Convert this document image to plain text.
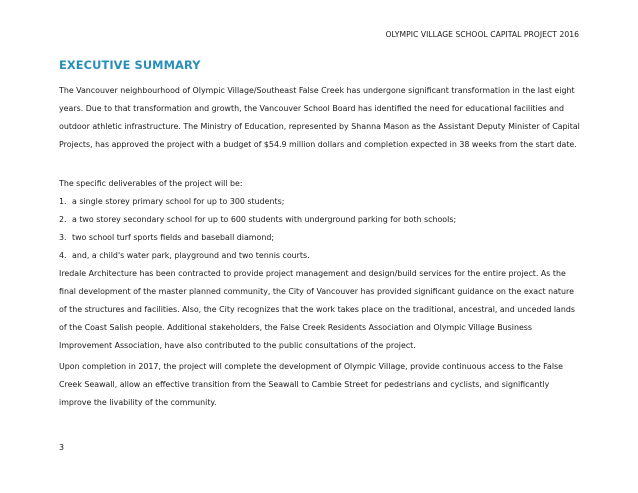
OLYMPIC VILLAGE SCHOOL CAPITAL PROJECT 2016
EXECUTIVE SUMMARY

The Vancouver neighbourhood of Olympic Village/Southeast False Creek has undergone significant transformation in the last eight years. Due to that transformation and growth, the Vancouver School Board has identified the need for educational facilities and outdoor athletic infrastructure. The Ministry of Education, represented by Shanna Mason as the Assistant Deputy Minister of Capital Projects, has approved the project with a budget of $54.9 million dollars and completion expected in 38 weeks from the start date.

The specific deliverables of the project will be:

1. a single storey primary school for up to 300 students;
2. a two storey secondary school for up to 600 students with underground parking for both schools;
3. two school turf sports fields and baseball diamond;
4. and, a child's water park, playground and two tennis courts.

Iredale Architecture has been contracted to provide project management and design/build services for the entire project. As the final development of the master planned community, the City of Vancouver has provided significant guidance on the exact nature of the structures and facilities. Also, the City recognizes that the work takes place on the traditional, ancestral, and unceded lands of the Coast Salish people. Additional stakeholders, the False Creek Residents Association and Olympic Village Business Improvement Association, have also contributed to the public consultations of the project.

Upon completion in 2017, the project will complete the development of Olympic Village, provide continuous access to the False Creek Seawall, allow an effective transition from the Seawall to Cambie Street for pedestrians and cyclists, and significantly improve the livability of the community.

3
